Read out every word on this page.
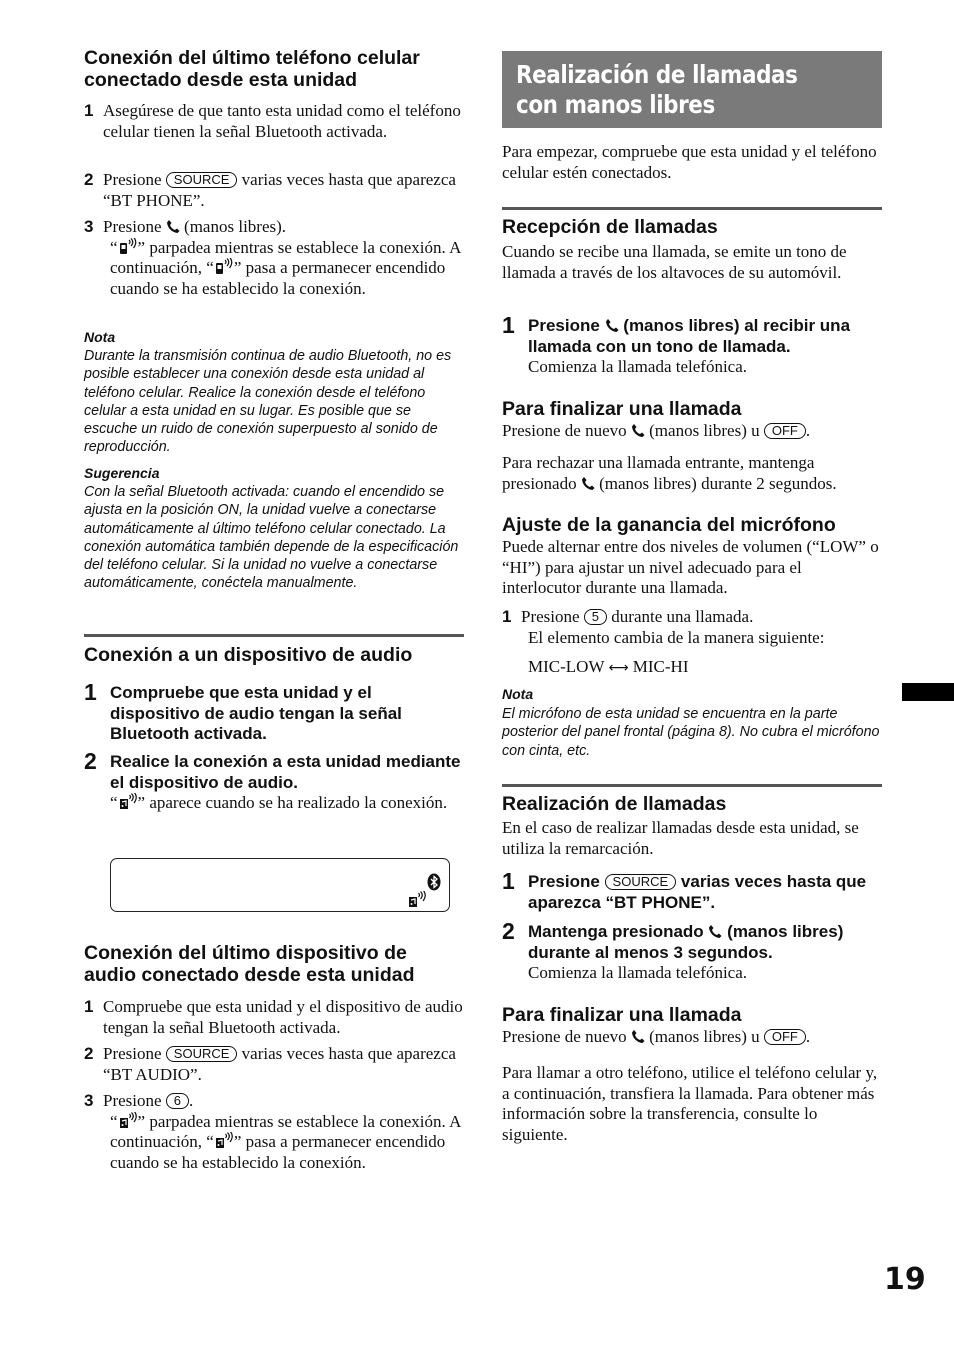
Conexión del último teléfono celular conectado desde esta unidad
1 Asegúrese de que tanto esta unidad como el teléfono celular tienen la señal Bluetooth activada.
2 Presione SOURCE varias veces hasta que aparezca “BT PHONE”.
3 Presione (manos libres).
“ ” parpadea mientras se establece la conexión. A continuación, “ ” pasa a permanecer encendido cuando se ha establecido la conexión.
Nota
Durante la transmisión continua de audio Bluetooth, no es posible establecer una conexión desde esta unidad al teléfono celular. Realice la conexión desde el teléfono celular a esta unidad en su lugar. Es posible que se escuche un ruido de conexión superpuesto al sonido de reproducción.
Sugerencia
Con la señal Bluetooth activada: cuando el encendido se ajusta en la posición ON, la unidad vuelve a conectarse automáticamente al último teléfono celular conectado. La conexión automática también depende de la especificación del teléfono celular. Si la unidad no vuelve a conectarse automáticamente, conéctela manualmente.
Conexión a un dispositivo de audio
1 Compruebe que esta unidad y el dispositivo de audio tengan la señal Bluetooth activada.
2 Realice la conexión a esta unidad mediante el dispositivo de audio.
“ ” aparece cuando se ha realizado la conexión.
Conexión del último dispositivo de audio conectado desde esta unidad
1 Compruebe que esta unidad y el dispositivo de audio tengan la señal Bluetooth activada.
2 Presione SOURCE varias veces hasta que aparezca “BT AUDIO”.
3 Presione 6 .
“ ” parpadea mientras se establece la conexión. A continuación, “ ” pasa a permanecer encendido cuando se ha establecido la conexión.
Realización de llamadas con manos libres
Para empezar, compruebe que esta unidad y el teléfono celular estén conectados.
Recepción de llamadas
Cuando se recibe una llamada, se emite un tono de llamada a través de los altavoces de su automóvil.
1 Presione (manos libres) al recibir una llamada con un tono de llamada.
Comienza la llamada telefónica.
Para finalizar una llamada
Presione de nuevo (manos libres) u OFF .
Para rechazar una llamada entrante, mantenga presionado (manos libres) durante 2 segundos.
Ajuste de la ganancia del micrófono
Puede alternar entre dos niveles de volumen (“LOW” o “HI”) para ajustar un nivel adecuado para el interlocutor durante una llamada.
1 Presione 5 durante una llamada.
El elemento cambia de la manera siguiente:
MIC-LOW ⟷ MIC-HI
Nota
El micrófono de esta unidad se encuentra en la parte posterior del panel frontal (página 8). No cubra el micrófono con cinta, etc.
Realización de llamadas
En el caso de realizar llamadas desde esta unidad, se utiliza la remarcación.
1 Presione SOURCE varias veces hasta que aparezca “BT PHONE”.
2 Mantenga presionado (manos libres) durante al menos 3 segundos.
Comienza la llamada telefónica.
Para finalizar una llamada
Presione de nuevo (manos libres) u OFF .
Para llamar a otro teléfono, utilice el teléfono celular y, a continuación, transfiera la llamada. Para obtener más información sobre la transferencia, consulte lo siguiente.
19
